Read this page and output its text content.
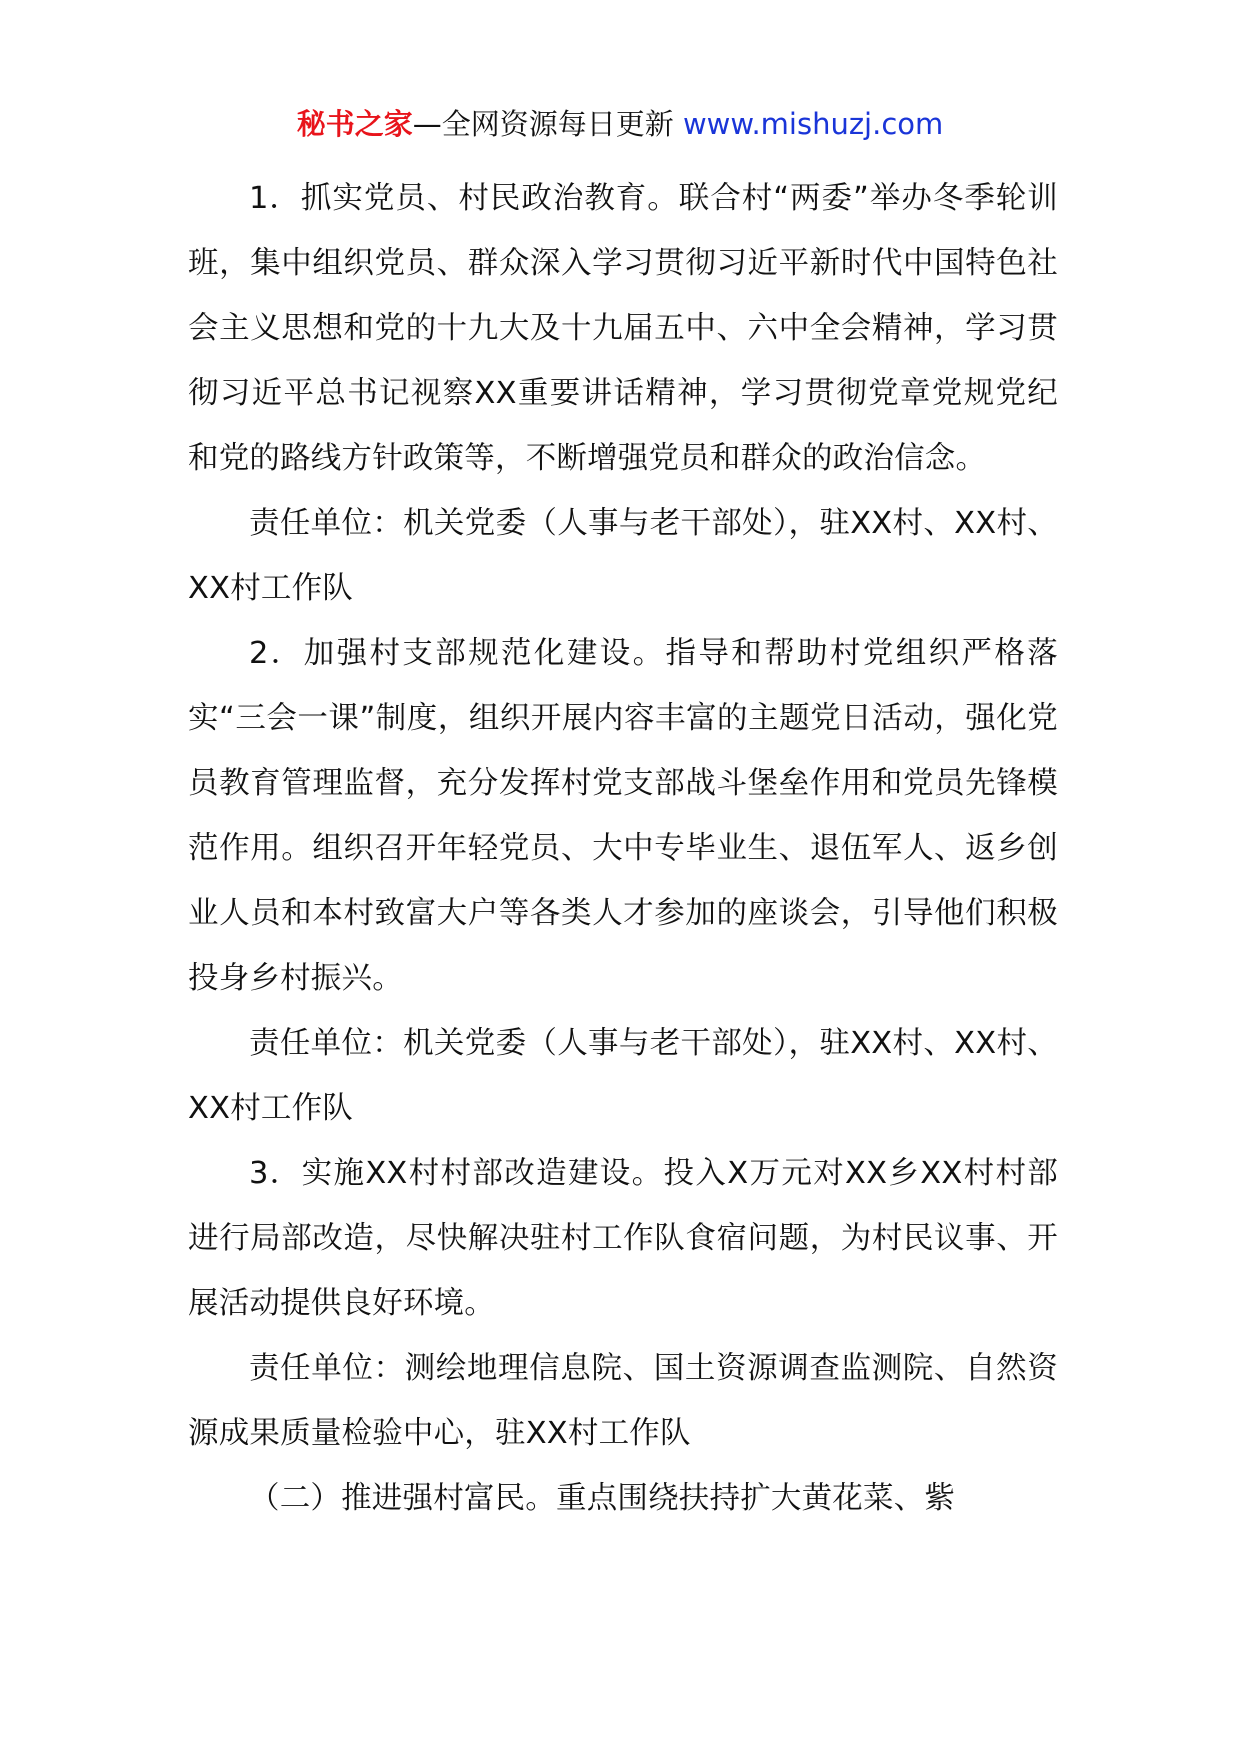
秘书之家—全网资源每日更新 www.mishuzj.com

1．抓实党员、村民政治教育。联合村“两委”举办冬季轮训班，集中组织党员、群众深入学习贯彻习近平新时代中国特色社会主义思想和党的十九大及十九届五中、六中全会精神，学习贯彻习近平总书记视察XX重要讲话精神，学习贯彻党章党规党纪和党的路线方针政策等，不断增强党员和群众的政治信念。

责任单位：机关党委（人事与老干部处），驻XX村、XX村、XX村工作队

2．加强村支部规范化建设。指导和帮助村党组织严格落实“三会一课”制度，组织开展内容丰富的主题党日活动，强化党员教育管理监督，充分发挥村党支部战斗堡垒作用和党员先锋模范作用。组织召开年轻党员、大中专毕业生、退伍军人、返乡创业人员和本村致富大户等各类人才参加的座谈会，引导他们积极投身乡村振兴。

责任单位：机关党委（人事与老干部处），驻XX村、XX村、XX村工作队

3．实施XX村村部改造建设。投入X万元对XX乡XX村村部进行局部改造，尽快解决驻村工作队食宿问题，为村民议事、开展活动提供良好环境。

责任单位：测绘地理信息院、国土资源调查监测院、自然资源成果质量检验中心，驻XX村工作队

（二）推进强村富民。重点围绕扶持扩大黄花菜、紫
